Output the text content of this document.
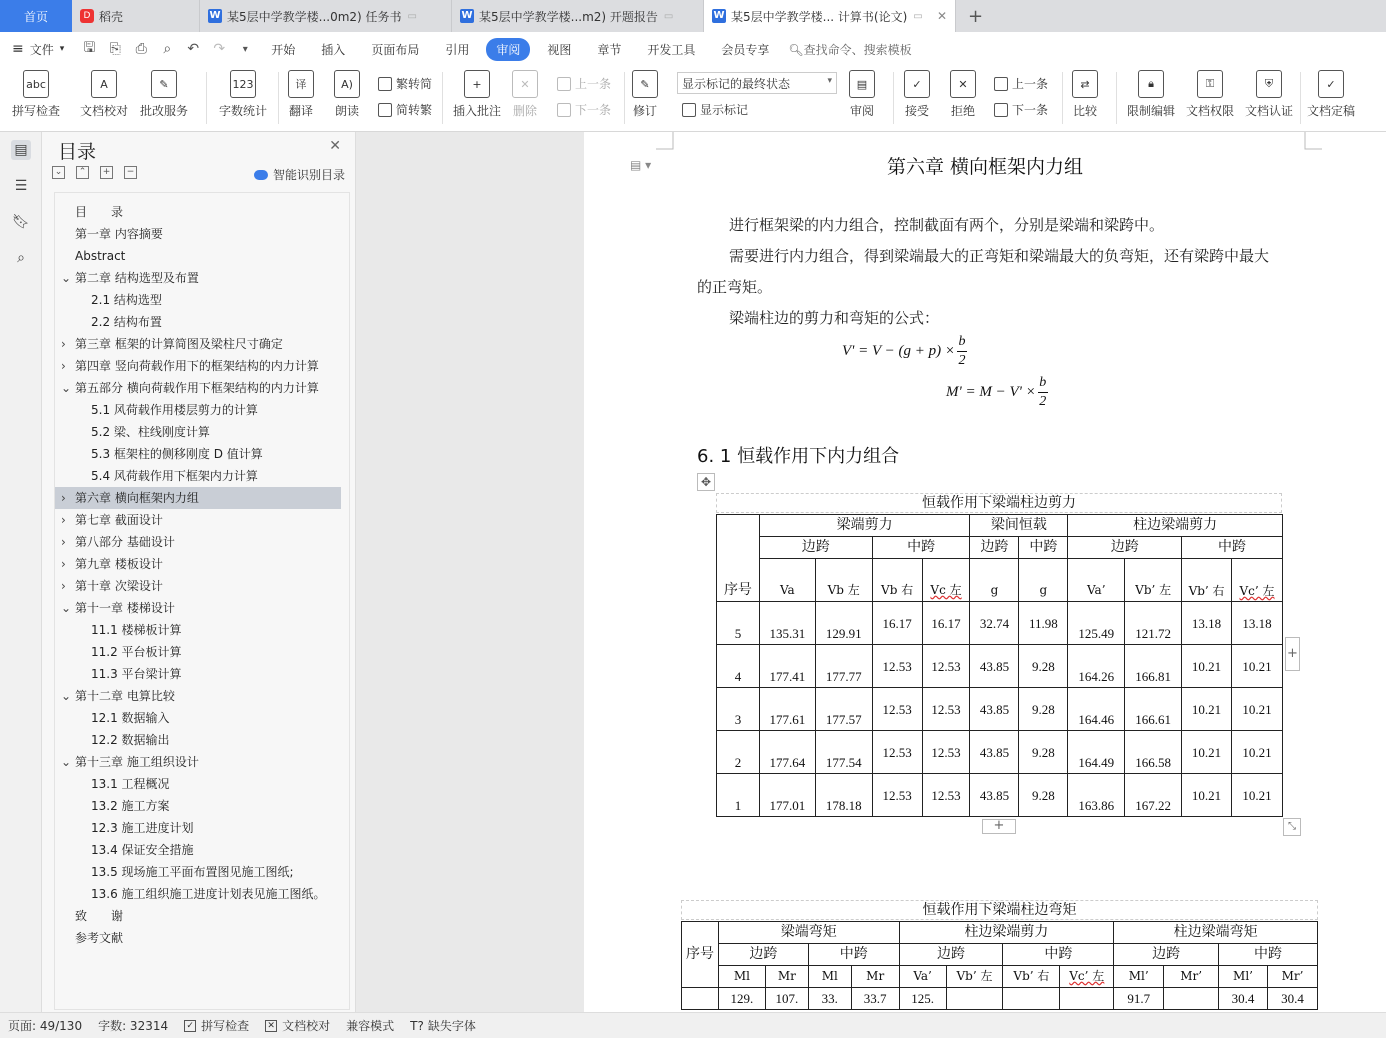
首页	D 稻壳	W 某5层中学教学楼...0m2) 任务书 ▭	W 某5层中学教学楼...m2) 开题报告 ▭	W 某5层中学教学楼... 计算书(论文) ▭	✕	+
≡ 文件 ▾	🖫	⎘	⎙	⌕	↶	↷	▾	开始	插入	页面布局	引用	审阅	视图	章节	开发工具	会员专享	🔍︎查找命令、搜索模板
abc
拼写检查
A
文档校对
✎
批改服务
123
字数统计
译
翻译
A)
朗读
繁转简
简转繁
+
插入批注
✕
删除
上一条
下一条
✎
修订
显示标记的最终状态	▾
显示标记
▤
审阅
✓
接受
✕
拒绝
上一条
下一条
⇄
比较
🔒︎
限制编辑
⚿
文档权限
⛨
文档认证
✓
文档定稿
▤
☰
🔖︎
⌕
目录	✕
⌄	⌃	+	−	智能识别目录
目　　录
第一章 内容摘要
Abstract
⌄ 第二章 结构选型及布置
2.1 结构选型
2.2 结构布置
› 第三章 框架的计算简图及梁柱尺寸确定
› 第四章 竖向荷载作用下的框架结构的内力计算
⌄ 第五部分 横向荷载作用下框架结构的内力计算
5.1 风荷载作用楼层剪力的计算
5.2 梁、柱线刚度计算
5.3 框架柱的侧移刚度 D 值计算
5.4 风荷载作用下框架内力计算
› 第六章 横向框架内力组
› 第七章 截面设计
› 第八部分 基础设计
› 第九章 楼板设计
› 第十章 次梁设计
⌄ 第十一章 楼梯设计
11.1 楼梯板计算
11.2 平台板计算
11.3 平台梁计算
⌄ 第十二章 电算比较
12.1 数据输入
12.2 数据输出
⌄ 第十三章 施工组织设计
13.1 工程概况
13.2 施工方案
12.3 施工进度计划
13.4 保证安全措施
13.5 现场施工平面布置图见施工图纸;
13.6 施工组织施工进度计划表见施工图纸。
致　　谢
参考文献
▤ ▾	第六章 横向框架内力组
进行框架梁的内力组合，控制截面有两个，分别是梁端和梁跨中。
需要进行内力组合，得到梁端最大的正弯矩和梁端最大的负弯矩，还有梁跨中最大
的正弯矩。
梁端柱边的剪力和弯矩的公式：
$V' = V - (g + p) \times \frac{b}{2}$
$M' = M - V' \times \frac{b}{2}$
6. 1 恒载作用下内力组合
✥
恒载作用下梁端柱边剪力
序号	梁端剪力				梁间恒载		柱边梁端剪力			
	边跨		中跨		边跨	中跨	边跨		中跨	
	Va	Vb 左	Vb 右	Vc 左	g	g	Va’	Vb’ 左	Vb’ 右	Vc’ 左
5	135.31	129.91	16.17	16.17	32.74	11.98	125.49	121.72	13.18	13.18
4	177.41	177.77	12.53	12.53	43.85	9.28	164.26	166.81	10.21	10.21
3	177.61	177.57	12.53	12.53	43.85	9.28	164.46	166.61	10.21	10.21
2	177.64	177.54	12.53	12.53	43.85	9.28	164.49	166.58	10.21	10.21
1	177.01	178.18	12.53	12.53	43.85	9.28	163.86	167.22	10.21	10.21
+
+
⤡
恒载作用下梁端柱边弯矩
序号	梁端弯矩				柱边梁端剪力				柱边梁端弯矩			
	边跨		中跨		边跨		中跨		边跨		中跨	
	Ml	Mr	Ml	Mr	Va’	Vb’ 左	Vb’ 右	Vc’ 左	Ml’	Mr’	Ml’	Mr’
	129.	107.	33.	33.7	125.				91.7		30.4	30.4
页面: 49/130	字数: 32314	✓ 拼写检查 ✕ 文档校对	兼容模式	T? 缺失字体
